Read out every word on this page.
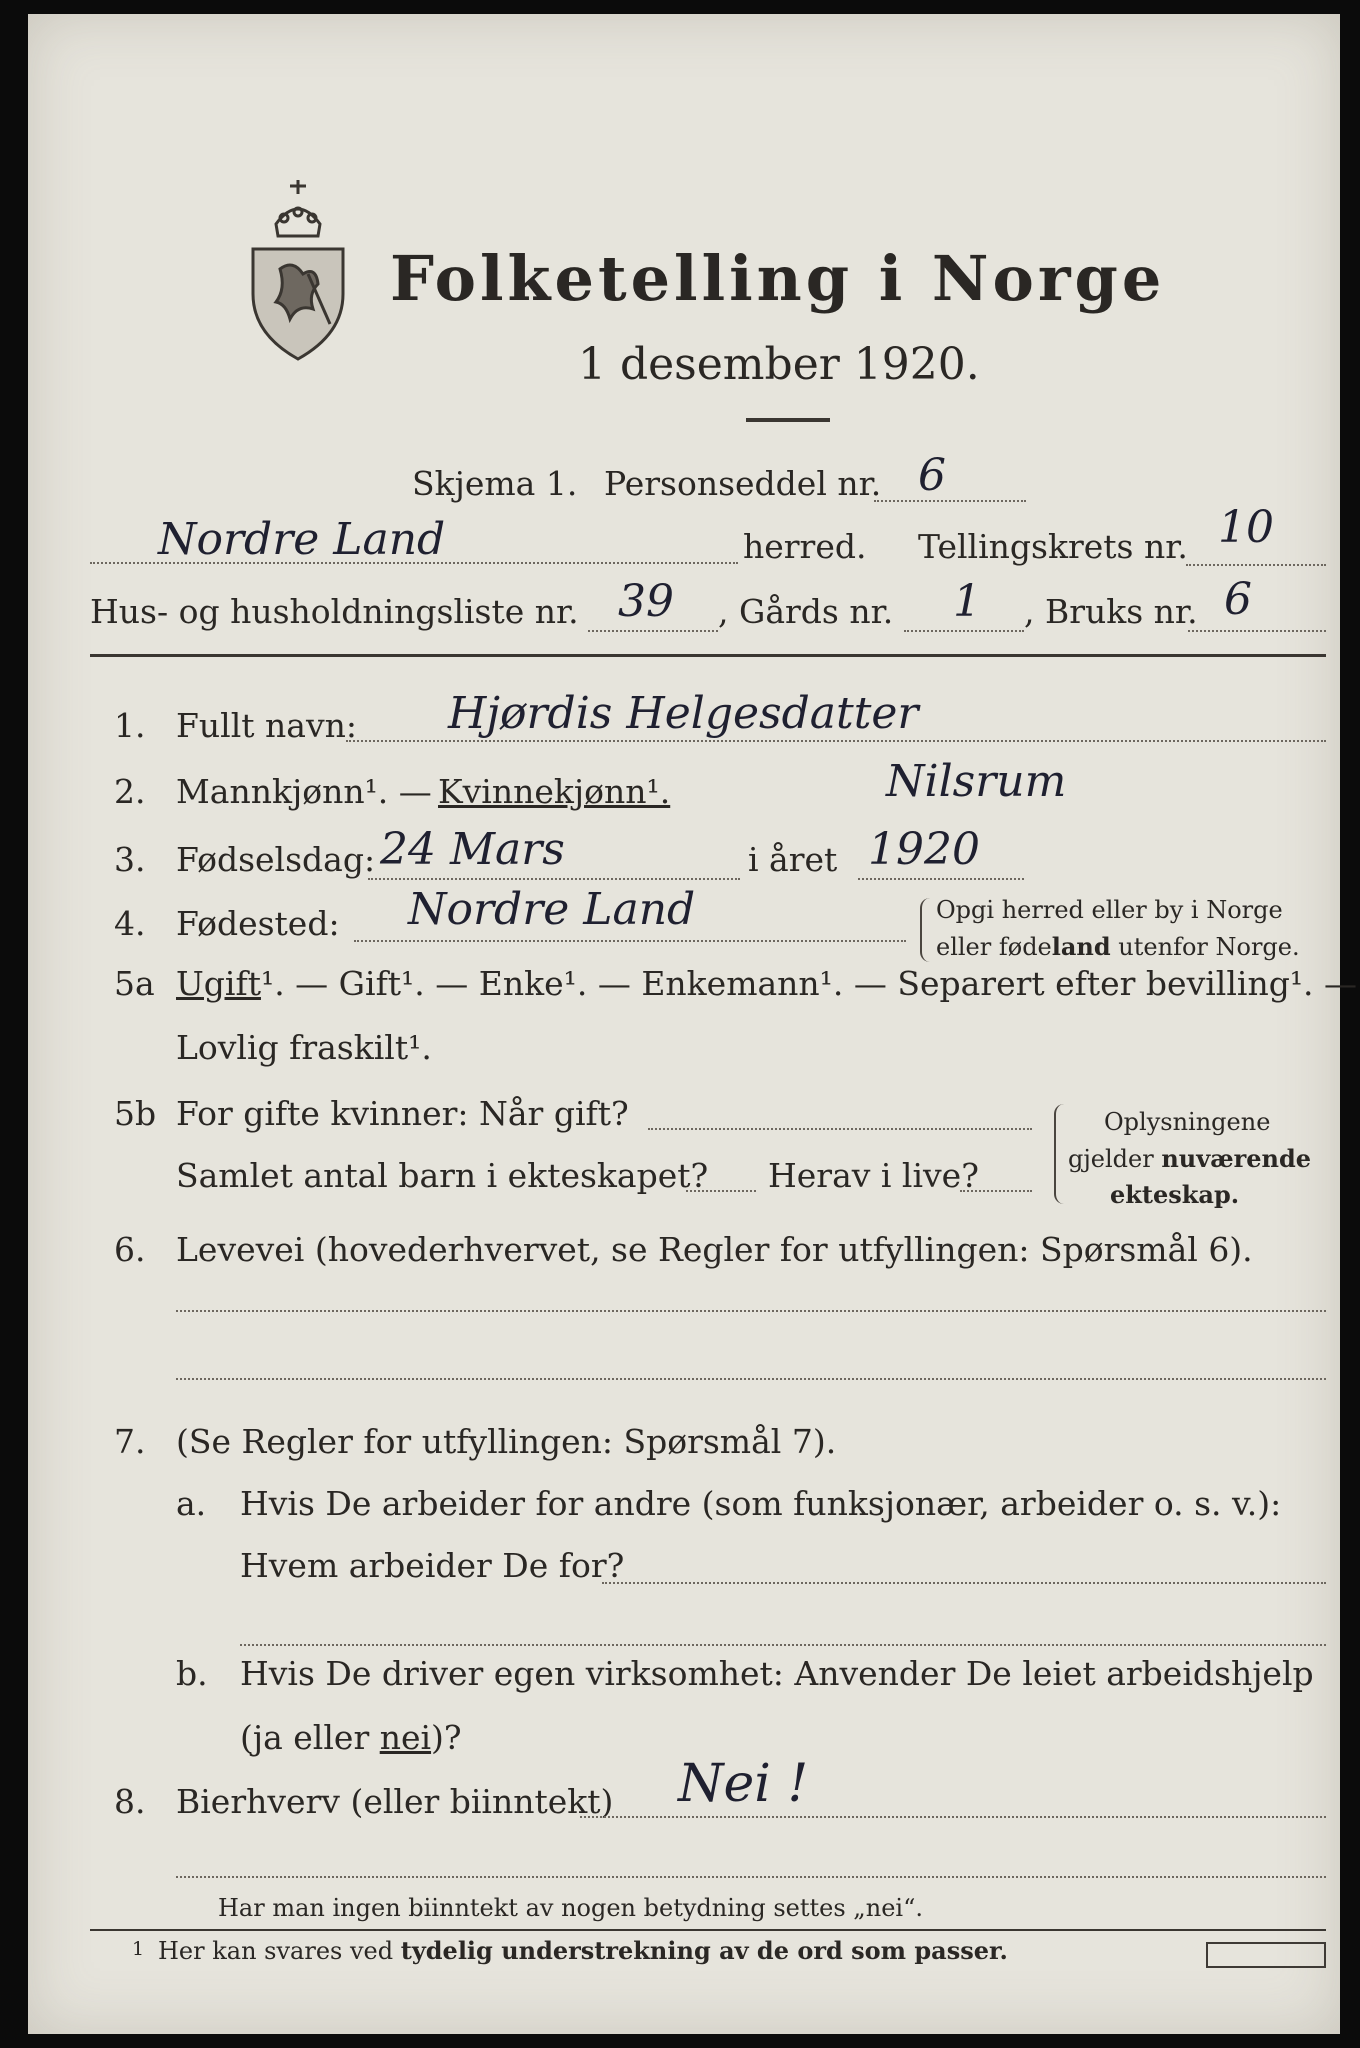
Folketelling i Norge
1 desember 1920.
Skjema 1. Personseddel nr. 6
Nordre Land	herred. Tellingskrets nr. 10
Hus- og husholdningsliste nr. 39 , Gårds nr. 1 , Bruks nr. 6
1. Fullt navn: Hjørdis Helgesdatter
Nilsrum
2. Mannkjønn¹. — Kvinnekjønn¹.
3. Fødselsdag: 24 Mars	i året 1920
4. Fødested: Nordre Land	Opgi herred eller by i Norge
eller fødeland utenfor Norge.
5a Ugift¹. — Gift¹. — Enke¹. — Enkemann¹. — Separert efter bevilling¹. —
Lovlig fraskilt¹.
5b For gifte kvinner: Når gift?
Samlet antal barn i ekteskapet? Herav i live?
Oplysningene
gjelder nuværende
ekteskap.
6. Levevei (hovederhvervet, se Regler for utfyllingen: Spørsmål 6).
7. (Se Regler for utfyllingen: Spørsmål 7).
a. Hvis De arbeider for andre (som funksjonær, arbeider o. s. v.):
Hvem arbeider De for?
b. Hvis De driver egen virksomhet: Anvender De leiet arbeidshjelp
(ja eller nei)?
8. Bierhverv (eller biinntekt) Nei !
Har man ingen biinntekt av nogen betydning settes „nei“.
1 Her kan svares ved tydelig understrekning av de ord som passer.
